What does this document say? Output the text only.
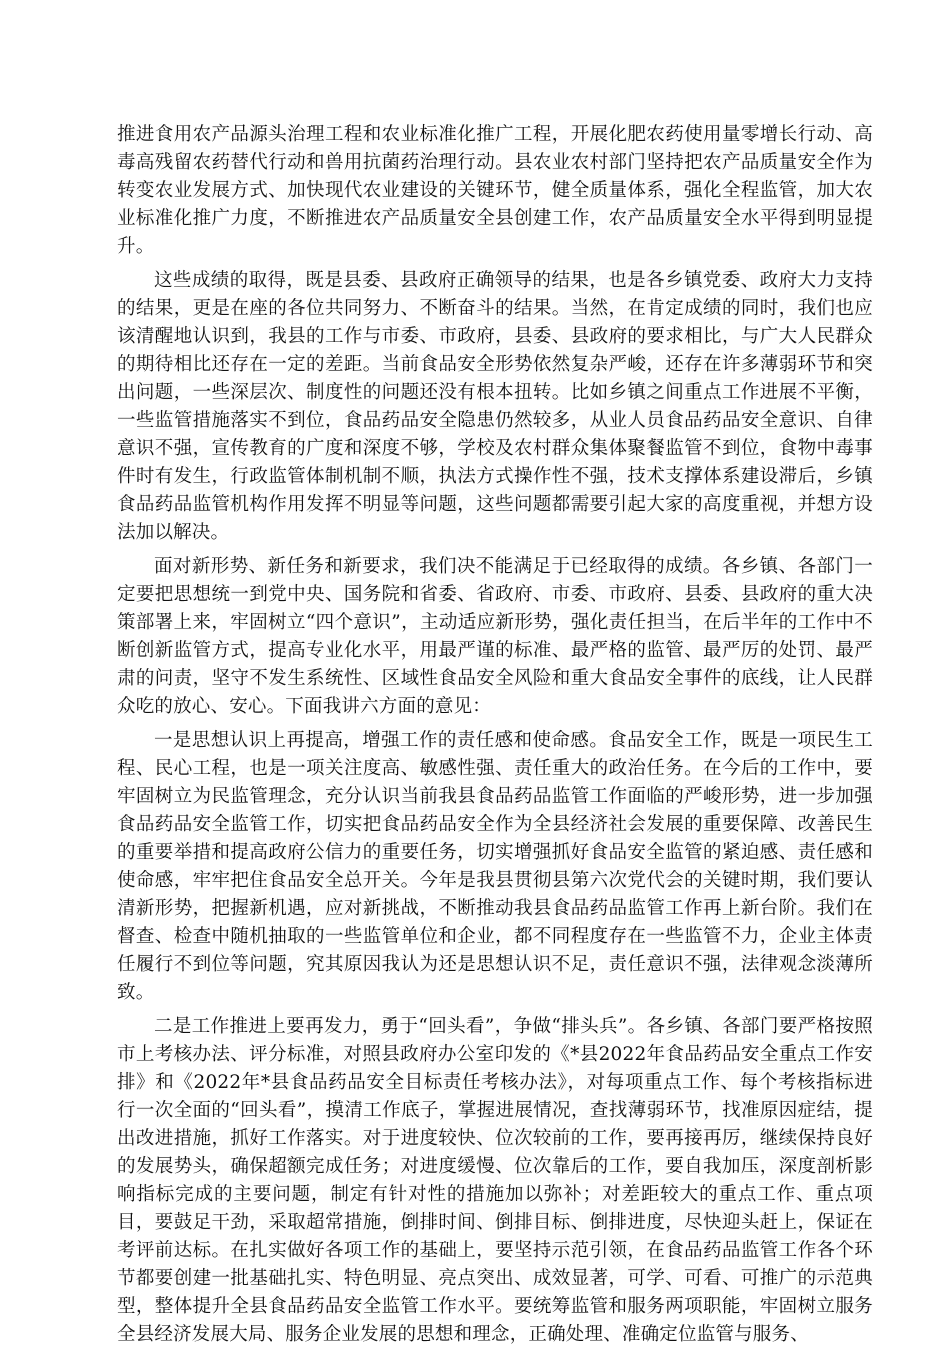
推进食用农产品源头治理工程和农业标准化推广工程，开展化肥农药使用量零增长行动、高毒高残留农药替代行动和兽用抗菌药治理行动。县农业农村部门坚持把农产品质量安全作为转变农业发展方式、加快现代农业建设的关键环节，健全质量体系，强化全程监管，加大农业标准化推广力度，不断推进农产品质量安全县创建工作，农产品质量安全水平得到明显提升。

这些成绩的取得，既是县委、县政府正确领导的结果，也是各乡镇党委、政府大力支持的结果，更是在座的各位共同努力、不断奋斗的结果。当然，在肯定成绩的同时，我们也应该清醒地认识到，我县的工作与市委、市政府，县委、县政府的要求相比，与广大人民群众的期待相比还存在一定的差距。当前食品安全形势依然复杂严峻，还存在许多薄弱环节和突出问题，一些深层次、制度性的问题还没有根本扭转。比如乡镇之间重点工作进展不平衡，一些监管措施落实不到位，食品药品安全隐患仍然较多，从业人员食品药品安全意识、自律意识不强，宣传教育的广度和深度不够，学校及农村群众集体聚餐监管不到位，食物中毒事件时有发生，行政监管体制机制不顺，执法方式操作性不强，技术支撑体系建设滞后，乡镇食品药品监管机构作用发挥不明显等问题，这些问题都需要引起大家的高度重视，并想方设法加以解决。

面对新形势、新任务和新要求，我们决不能满足于已经取得的成绩。各乡镇、各部门一定要把思想统一到党中央、国务院和省委、省政府、市委、市政府、县委、县政府的重大决策部署上来，牢固树立“四个意识”，主动适应新形势，强化责任担当，在后半年的工作中不断创新监管方式，提高专业化水平，用最严谨的标准、最严格的监管、最严厉的处罚、最严肃的问责，坚守不发生系统性、区域性食品安全风险和重大食品安全事件的底线，让人民群众吃的放心、安心。下面我讲六方面的意见：

一是思想认识上再提高，增强工作的责任感和使命感。食品安全工作，既是一项民生工程、民心工程，也是一项关注度高、敏感性强、责任重大的政治任务。在今后的工作中，要牢固树立为民监管理念，充分认识当前我县食品药品监管工作面临的严峻形势，进一步加强食品药品安全监管工作，切实把食品药品安全作为全县经济社会发展的重要保障、改善民生的重要举措和提高政府公信力的重要任务，切实增强抓好食品安全监管的紧迫感、责任感和使命感，牢牢把住食品安全总开关。今年是我县贯彻县第六次党代会的关键时期，我们要认清新形势，把握新机遇，应对新挑战，不断推动我县食品药品监管工作再上新台阶。我们在督查、检查中随机抽取的一些监管单位和企业，都不同程度存在一些监管不力，企业主体责任履行不到位等问题，究其原因我认为还是思想认识不足，责任意识不强，法律观念淡薄所致。

二是工作推进上要再发力，勇于“回头看”，争做“排头兵”。各乡镇、各部门要严格按照市上考核办法、评分标准，对照县政府办公室印发的《*县2022年食品药品安全重点工作安排》和《2022年*县食品药品安全目标责任考核办法》，对每项重点工作、每个考核指标进行一次全面的“回头看”，摸清工作底子，掌握进展情况，查找薄弱环节，找准原因症结，提出改进措施，抓好工作落实。对于进度较快、位次较前的工作，要再接再厉，继续保持良好的发展势头，确保超额完成任务；对进度缓慢、位次靠后的工作，要自我加压，深度剖析影响指标完成的主要问题，制定有针对性的措施加以弥补；对差距较大的重点工作、重点项目，要鼓足干劲，采取超常措施，倒排时间、倒排目标、倒排进度，尽快迎头赶上，保证在考评前达标。在扎实做好各项工作的基础上，要坚持示范引领，在食品药品监管工作各个环节都要创建一批基础扎实、特色明显、亮点突出、成效显著，可学、可看、可推广的示范典型，整体提升全县食品药品安全监管工作水平。要统筹监管和服务两项职能，牢固树立服务全县经济发展大局、服务企业发展的思想和理念，正确处理、准确定位监管与服务、
